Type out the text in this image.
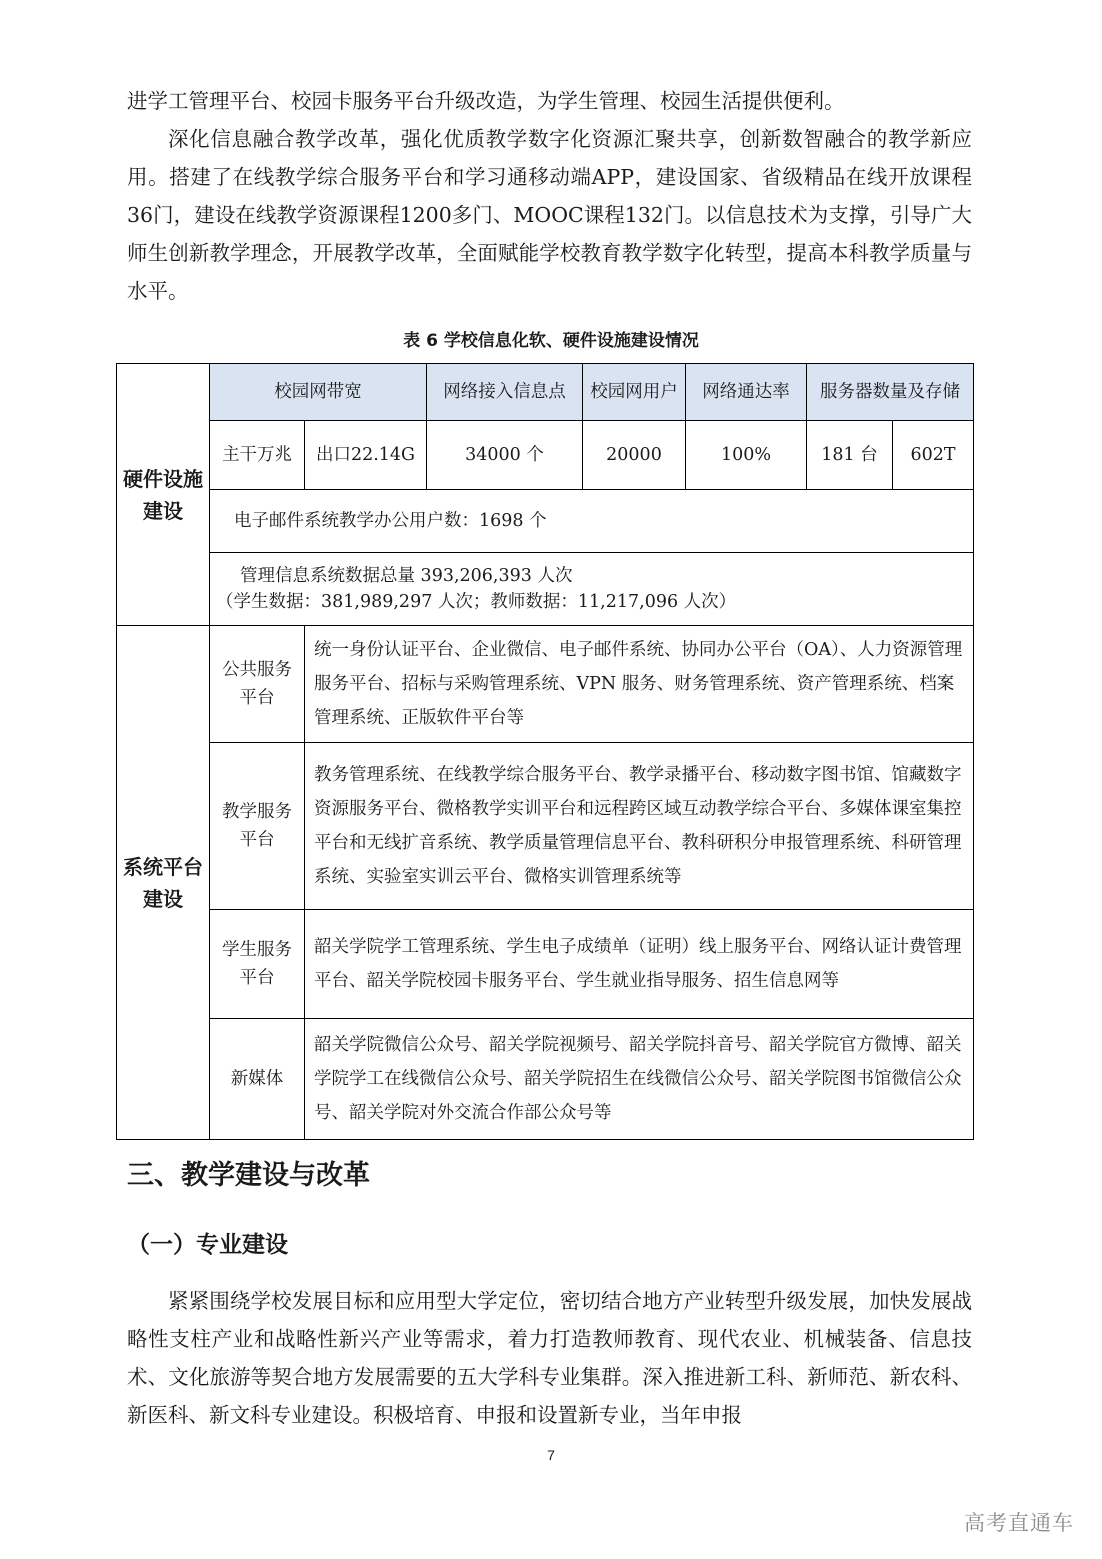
进学工管理平台、校园卡服务平台升级改造，为学生管理、校园生活提供便利。

深化信息融合教学改革，强化优质教学数字化资源汇聚共享，创新数智融合的教学新应用。搭建了在线教学综合服务平台和学习通移动端APP，建设国家、省级精品在线开放课程36门，建设在线教学资源课程1200多门、MOOC课程132门。以信息技术为支撑，引导广大师生创新教学理念，开展教学改革，全面赋能学校教育教学数字化转型，提高本科教学质量与水平。

表 6 学校信息化软、硬件设施建设情况
硬件设施建设	校园网带宽		网络接入信息点	校园网用户	网络通达率	服务器数量及存储	
	主干万兆	出口22.14G	34000 个	20000	100%	181 台	602T
	电子邮件系统教学办公用户数：1698 个						

	管理信息系统数据总量 393,206,393 人次
（学生数据：381,989,297 人次；教师数据：11,217,096 人次）						

系统平台建设	公共服务平台	统一身份认证平台、企业微信、电子邮件系统、协同办公平台（OA）、人力资源管理服务平台、招标与采购管理系统、VPN 服务、财务管理系统、资产管理系统、档案管理系统、正版软件平台等					
	教学服务平台	教务管理系统、在线教学综合服务平台、教学录播平台、移动数字图书馆、馆藏数字资源服务平台、微格教学实训平台和远程跨区域互动教学综合平台、多媒体课室集控平台和无线扩音系统、教学质量管理信息平台、教科研积分申报管理系统、科研管理系统、实验室实训云平台、微格实训管理系统等					
	学生服务平台	韶关学院学工管理系统、学生电子成绩单（证明）线上服务平台、网络认证计费管理平台、韶关学院校园卡服务平台、学生就业指导服务、招生信息网等					
	新媒体	韶关学院微信公众号、韶关学院视频号、韶关学院抖音号、韶关学院官方微博、韶关学院学工在线微信公众号、韶关学院招生在线微信公众号、韶关学院图书馆微信公众号、韶关学院对外交流合作部公众号等					
三、教学建设与改革
（一）专业建设

紧紧围绕学校发展目标和应用型大学定位，密切结合地方产业转型升级发展，加快发展战略性支柱产业和战略性新兴产业等需求，着力打造教师教育、现代农业、机械装备、信息技术、文化旅游等契合地方发展需要的五大学科专业集群。深入推进新工科、新师范、新农科、新医科、新文科专业建设。积极培育、申报和设置新专业，当年申报

7
高考直通车
